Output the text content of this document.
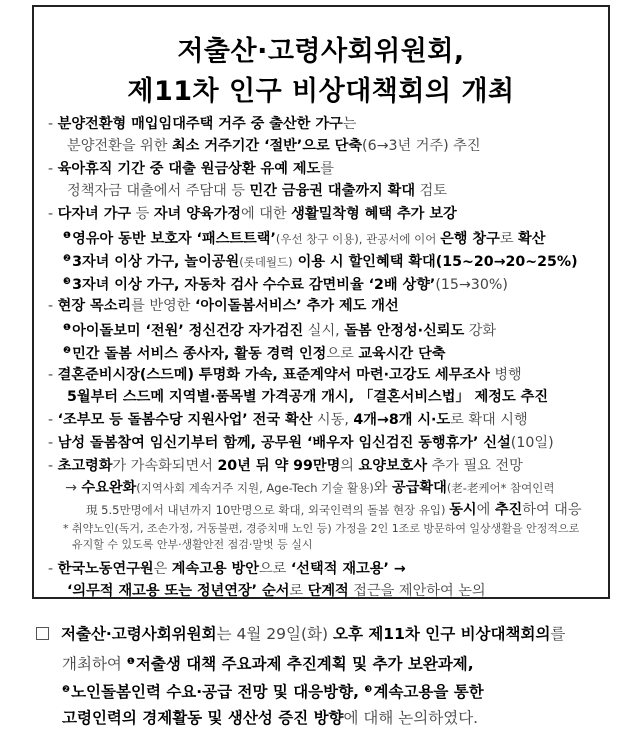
저출산·고령사회위원회,
제11차 인구 비상대책회의 개최
- 분양전환형 매입임대주택 거주 중 출산한 가구는
분양전환을 위한 최소 거주기간 ‘절반’으로 단축(6→3년 거주) 추진
- 육아휴직 기간 중 대출 원금상환 유예 제도를
정책자금 대출에서 주담대 등 민간 금융권 대출까지 확대 검토
- 다자녀 가구 등 자녀 양육가정에 대한 생활밀착형 혜택 추가 보강
$^❶$영유아 동반 보호자 ‘패스트트랙’(우선 창구 이용), 관공서에 이어 은행 창구로 확산
$^❷$3자녀 이상 가구, 놀이공원(롯데월드) 이용 시 할인혜택 확대(15~20→20~25%)
$^❸$3자녀 이상 가구, 자동차 검사 수수료 감면비율 ‘2배 상향’(15→30%)
- 현장 목소리를 반영한 ‘아이돌봄서비스’ 추가 제도 개선
$^❶$아이돌보미 ‘전원’ 정신건강 자가검진 실시, 돌봄 안정성·신뢰도 강화
$^❷$민간 돌봄 서비스 종사자, 활동 경력 인정으로 교육시간 단축
- 결혼준비시장(스드메) 투명화 가속, 표준계약서 마련·고강도 세무조사 병행
5월부터 스드메 지역별·품목별 가격공개 개시, 「결혼서비스법」 제정도 추진
- ‘조부모 등 돌봄수당 지원사업’ 전국 확산 시동, 4개→8개 시·도로 확대 시행
- 남성 돌봄참여 임신기부터 함께, 공무원 ‘배우자 임신검진 동행휴가’ 신설(10일)
- 초고령화가 가속화되면서 20년 뒤 약 99만명의 요양보호사 추가 필요 전망
→ 수요완화(지역사회 계속거주 지원, Age-Tech 기술 활용)와 공급확대(老-老케어* 참여인력
現 5.5만명에서 내년까지 10만명으로 확대, 외국인력의 돌봄 현장 유입) 동시에 추진하여 대응
* 취약노인(독거, 조손가정, 거동불편, 경증치매 노인 등) 가정을 2인 1조로 방문하여 일상생활을 안정적으로
유지할 수 있도록 안부·생활안전 점검·말벗 등 실시
- 한국노동연구원은 계속고용 방안으로 ‘선택적 재고용’ →
‘의무적 재고용 또는 정년연장’ 순서로 단계적 접근을 제안하여 논의
저출산·고령사회위원회는 4월 29일(화) 오후 제11차 인구 비상대책회의를
개최하여 $^❶$저출생 대책 주요과제 추진계획 및 추가 보완과제,
$^❷$노인돌봄인력 수요·공급 전망 및 대응방향, $^❸$계속고용을 통한
고령인력의 경제활동 및 생산성 증진 방향에 대해 논의하였다.
